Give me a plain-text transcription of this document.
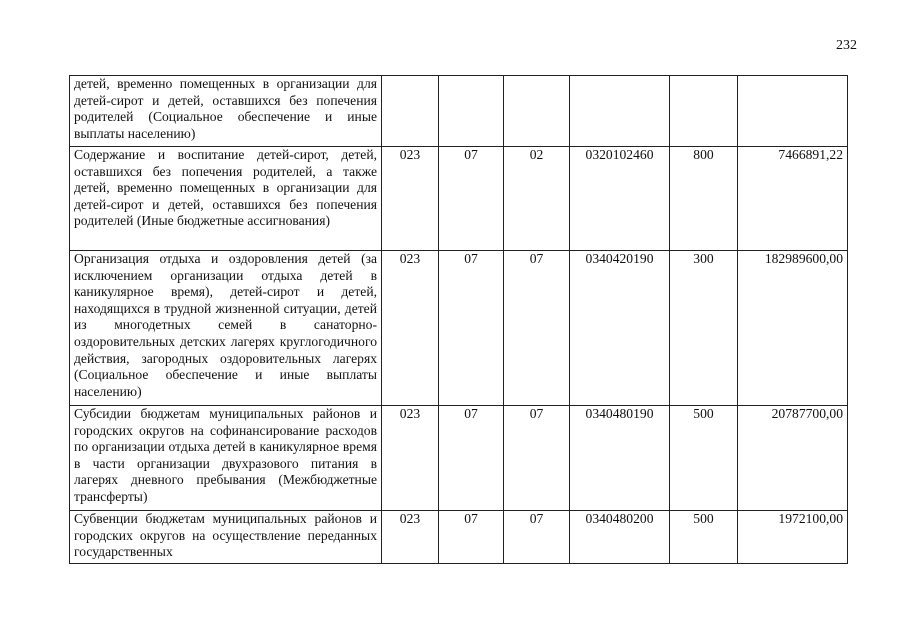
232
детей, временно помещенных в организации для детей-сирот и детей, оставшихся без попечения родителей (Социальное обеспечение и иные выплаты населению)						
Содержание и воспитание детей-сирот, детей, оставшихся без попечения родителей, а также детей, временно помещенных в организации для детей-сирот и детей, оставшихся без попечения родителей (Иные бюджетные ассигнования)	023	07	02	0320102460	800	7466891,22
Организация отдыха и оздоровления детей (за исключением организации отдыха детей в каникулярное время), детей-сирот и детей, находящихся в трудной жизненной ситуации, детей из многодетных семей в санаторно-оздоровительных детских лагерях круглогодичного действия, загородных оздоровительных лагерях (Социальное обеспечение и иные выплаты населению)	023	07	07	0340420190	300	182989600,00
Субсидии бюджетам муниципальных районов и городских округов на софинансирование расходов по организации отдыха детей в каникулярное время в части организации двухразового питания в лагерях дневного пребывания (Межбюджетные трансферты)	023	07	07	0340480190	500	20787700,00
Субвенции бюджетам муниципальных районов и городских округов на осуществление переданных государственных	023	07	07	0340480200	500	1972100,00
